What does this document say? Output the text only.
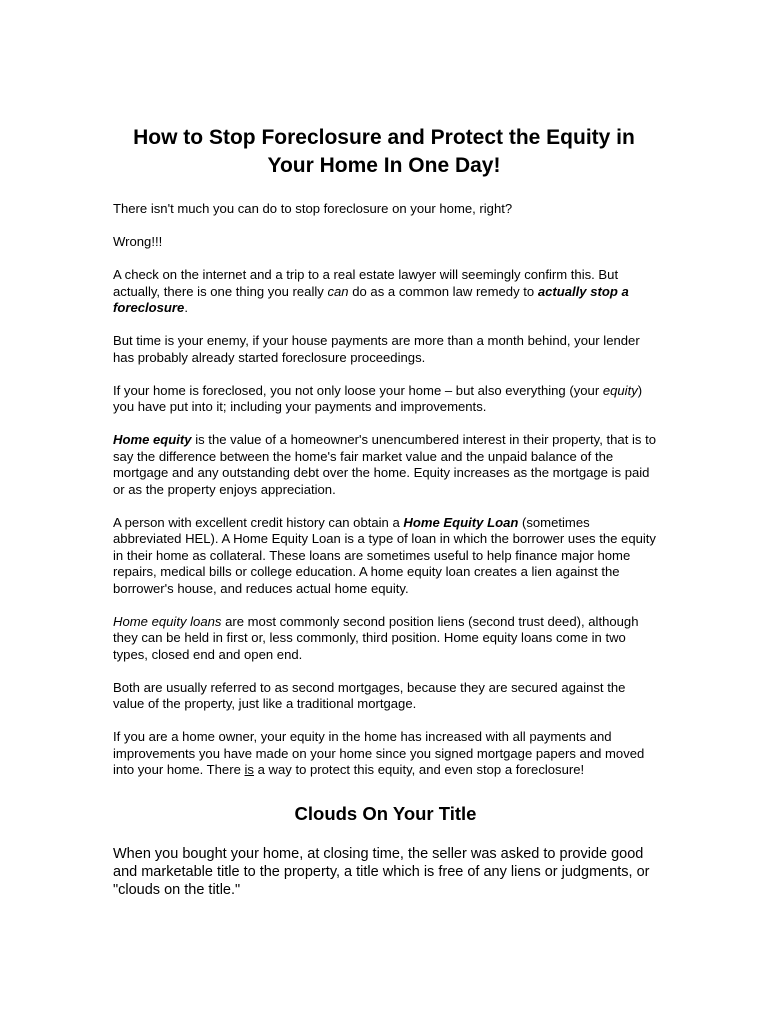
How to Stop Foreclosure and Protect the Equity in
Your Home In One Day!

There isn't much you can do to stop foreclosure on your home, right?

Wrong!!!

A check on the internet and a trip to a real estate lawyer will seemingly confirm this. But actually, there is one thing you really can do as a common law remedy to actually stop a foreclosure.

But time is your enemy, if your house payments are more than a month behind, your lender has probably already started foreclosure proceedings.

If your home is foreclosed, you not only loose your home – but also everything (your equity) you have put into it; including your payments and improvements.

Home equity is the value of a homeowner's unencumbered interest in their property, that is to say the difference between the home's fair market value and the unpaid balance of the mortgage and any outstanding debt over the home. Equity increases as the mortgage is paid or as the property enjoys appreciation.

A person with excellent credit history can obtain a Home Equity Loan (sometimes abbreviated HEL). A Home Equity Loan is a type of loan in which the borrower uses the equity in their home as collateral. These loans are sometimes useful to help finance major home repairs, medical bills or college education. A home equity loan creates a lien against the borrower's house, and reduces actual home equity.

Home equity loans are most commonly second position liens (second trust deed), although they can be held in first or, less commonly, third position. Home equity loans come in two types, closed end and open end.

Both are usually referred to as second mortgages, because they are secured against the value of the property, just like a traditional mortgage.

If you are a home owner, your equity in the home has increased with all payments and improvements you have made on your home since you signed mortgage papers and moved into your home. There is a way to protect this equity, and even stop a foreclosure!

Clouds On Your Title

When you bought your home, at closing time, the seller was asked to provide good and marketable title to the property, a title which is free of any liens or judgments, or "clouds on the title."
